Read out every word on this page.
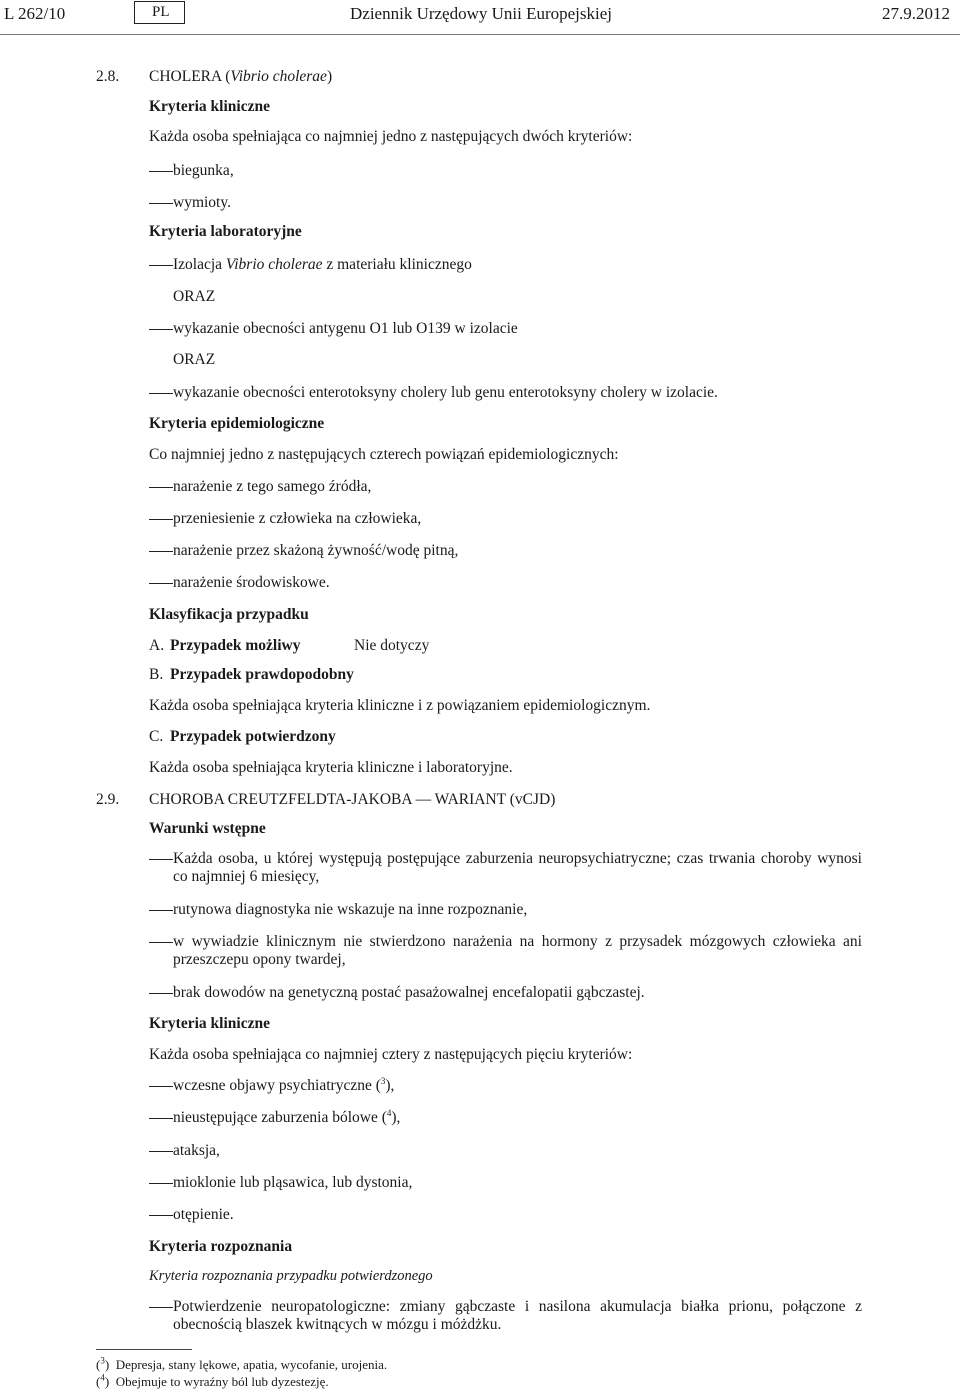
L 262/10	PL	Dziennik Urzędowy Unii Europejskiej	27.9.2012
2.8. CHOLERA (Vibrio cholerae)
Kryteria kliniczne
Każda osoba spełniająca co najmniej jedno z następujących dwóch kryteriów:
biegunka,
wymioty.
Kryteria laboratoryjne
Izolacja Vibrio cholerae z materiału klinicznego
ORAZ
wykazanie obecności antygenu O1 lub O139 w izolacie
ORAZ
wykazanie obecności enterotoksyny cholery lub genu enterotoksyny cholery w izolacie.
Kryteria epidemiologiczne
Co najmniej jedno z następujących czterech powiązań epidemiologicznych:
narażenie z tego samego źródła,
przeniesienie z człowieka na człowieka,
narażenie przez skażoną żywność/wodę pitną,
narażenie środowiskowe.
Klasyfikacja przypadku
A. Przypadek możliwy	Nie dotyczy
B. Przypadek prawdopodobny
Każda osoba spełniająca kryteria kliniczne i z powiązaniem epidemiologicznym.
C. Przypadek potwierdzony
Każda osoba spełniająca kryteria kliniczne i laboratoryjne.
2.9. CHOROBA CREUTZFELDTA-JAKOBA — WARIANT (vCJD)
Warunki wstępne
Każda osoba, u której występują postępujące zaburzenia neuropsychiatryczne; czas trwania choroby wynosi co najmniej 6 miesięcy,
rutynowa diagnostyka nie wskazuje na inne rozpoznanie,
w wywiadzie klinicznym nie stwierdzono narażenia na hormony z przysadek mózgowych człowieka ani przeszczepu opony twardej,
brak dowodów na genetyczną postać pasażowalnej encefalopatii gąbczastej.
Kryteria kliniczne
Każda osoba spełniająca co najmniej cztery z następujących pięciu kryteriów:
wczesne objawy psychiatryczne ($^3$),
nieustępujące zaburzenia bólowe ($^4$),
ataksja,
mioklonie lub pląsawica, lub dystonia,
otępienie.
Kryteria rozpoznania
Kryteria rozpoznania przypadku potwierdzonego
Potwierdzenie neuropatologiczne: zmiany gąbczaste i nasilona akumulacja białka prionu, połączone z obecnością blaszek kwitnących w mózgu i móżdżku.
($^3$)  Depresja, stany lękowe, apatia, wycofanie, urojenia.
($^4$)  Obejmuje to wyraźny ból lub dyzestezję.
